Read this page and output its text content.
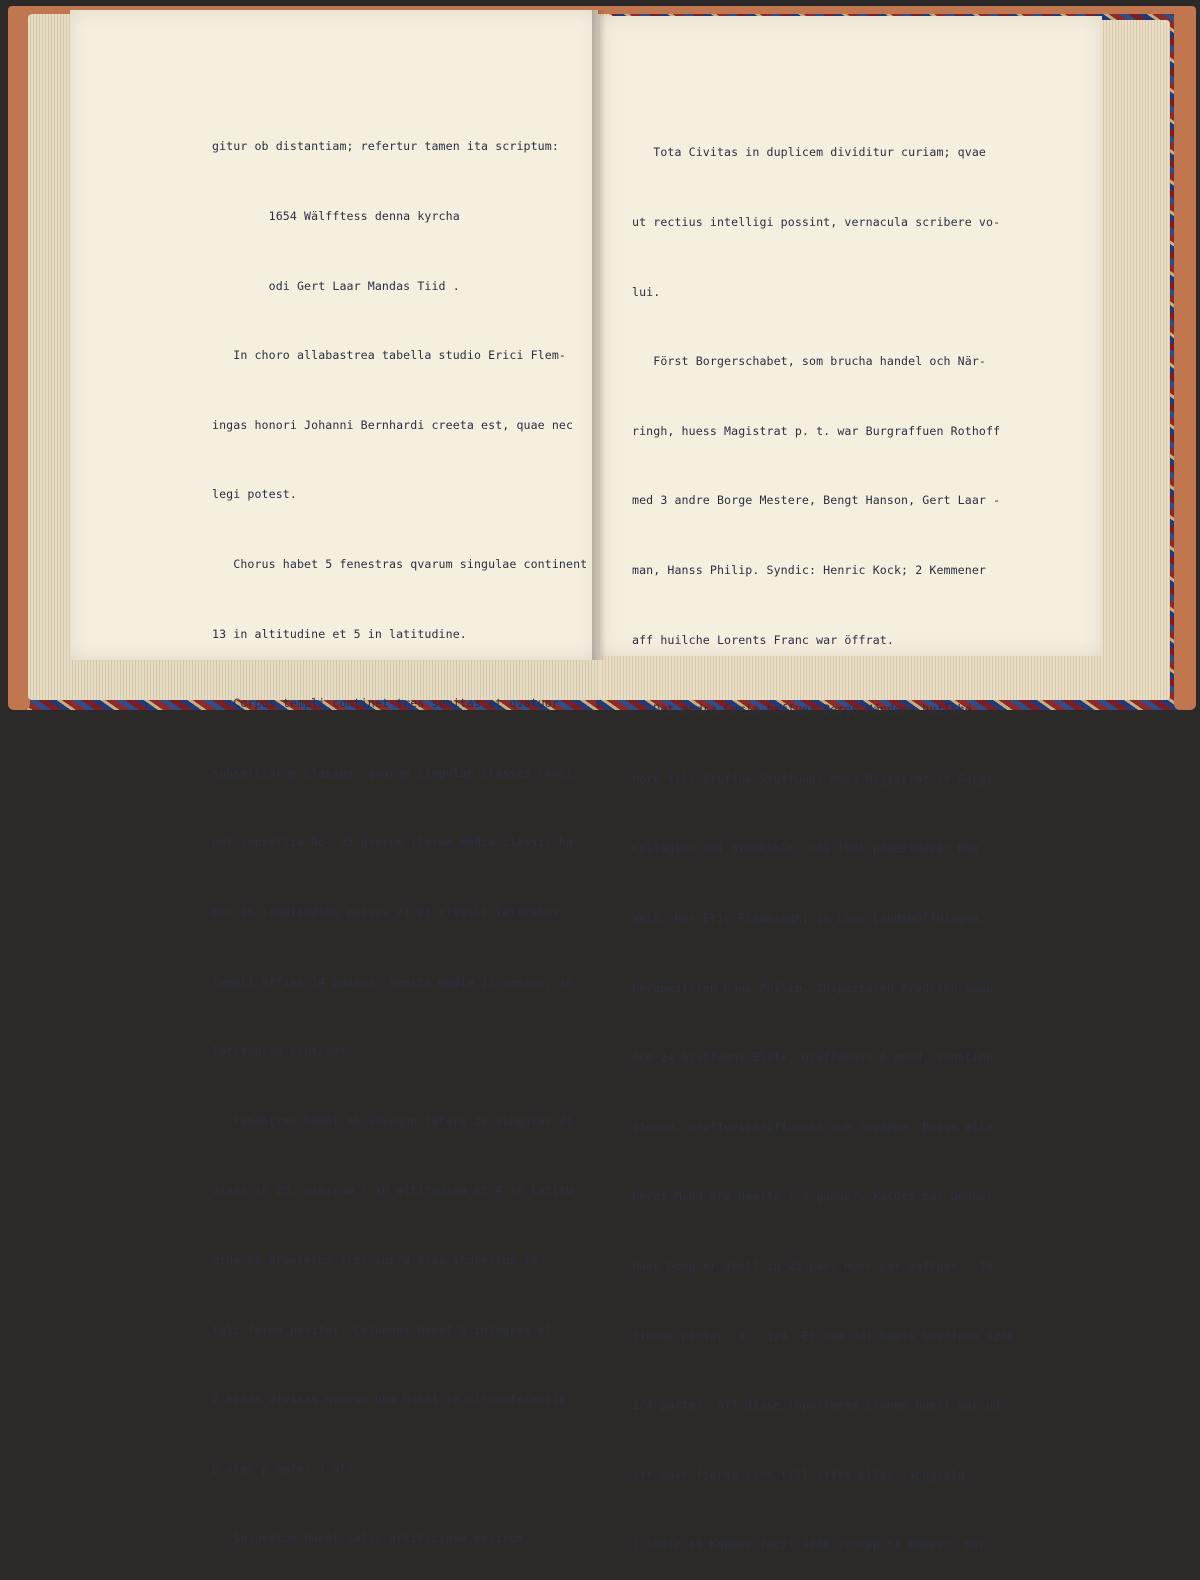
gitur ob distantiam; refertur tamen ita scriptum:

1654 Wälfftess denna kyrcha

odi Gert Laar Mandas Tiid .

In choro allabastrea tabella studio Erici Flem-

ingas honori Johanni Bernhardi creeta est, quae nec

legi potest.

Chorus habet 5 fenestras qvarum singulae continent

13 in altitudine et 5 in latitudine.

Corpus templi continet tres semitas et qvatuor

subselliorum classes, qvarum singulae classes conti-

net subsellia No. 33 qvorum iterum media classis ha-

bet in longitudine passus 21 et classis lateribus

templi affixa 14 passus. Semita media 12 passus, in

latitudine continet.

Fenestras habet ab utvoque latere 10 singulas di-

visas in 28, nimirum 7 in altitudina et 4 in latitu-

dine et praeterea tres supra tres ingressus in

tali forma positas. Columnas habet 8 integras et

2 binas divisas qvarum una habet in circumferentia

p oter p opter 7 uln.

Suggestum habet satis artificiose excisum.

Tota Civitas in duplicem dividitur curiam; qvae

ut rectius intelligi possint, vernacula scribere vo-

lui.

Först Borgerschabet, som brucha handel och När-

ringh, huess Magistrat p. t. war Burgraffuen Rothoff

med 3 andre Borge Mestere, Bengt Hanson, Gert Laar -

man, Hanss Philip. Syndic: Henric Kock; 2 Kemmener

aff huilche Lorents Franc war öffrat.

Det andra Curia haffuer Bergs Mändene huilche

höre till Gruffue Stuffuan; hues Magistrat er Bergs

Collegium odi Stockholm, odi thet praesiderar Hög

Welb. Her Eric Flemmingh; in Loco LandsHöffdingen.

Bergmesteren Hans Philip, Inspectoren Fredrich Swab,

dee 24 Gruffuens Elste, Gruffuenss 6 mend, Konstine-

steren, Gruffueschriffueren och fogdene. Desse alle

Bergs Mend ere deelte i 3 gonger, kaldes par Gonger,

huer Gong er deelt in 25 par, Huer par haffuer   16

fierde parter  0 : 1/4  Er saa odi heele Gruffuen 1200

1/4 parter, Aff disse inporteras Cronen huert aar ud-

aff huer fierde part till affre eller landgield.

l schip tt Kopper facit 1200 schipp tt kopper. Her
